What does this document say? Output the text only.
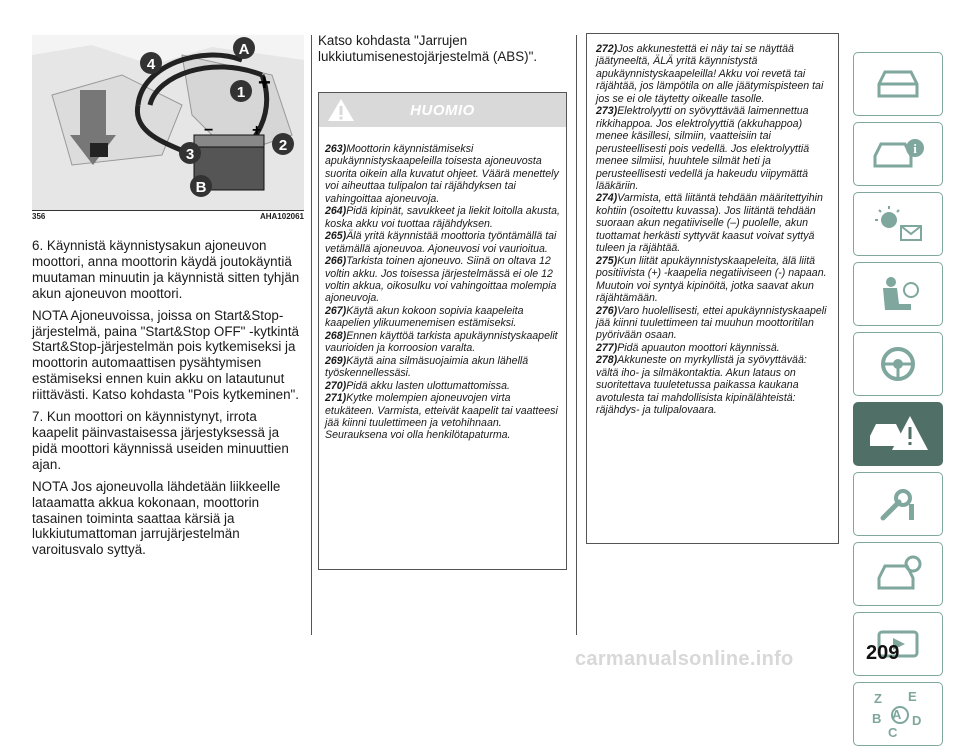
− +
+
A
4
1
2
3
B
356	AHA102061

6. Käynnistä käynnistysakun ajoneuvon moottori, anna moottorin käydä joutokäyntiä muutaman minuutin ja käynnistä sitten tyhjän akun ajoneuvon moottori.

NOTA Ajoneuvoissa, joissa on Start&Stop-järjestelmä, paina "Start&Stop OFF" -kytkintä Start&Stop-järjestelmän pois kytkemiseksi ja moottorin automaattisen pysähtymisen estämiseksi ennen kuin akku on latautunut riittävästi. Katso kohdasta "Pois kytkeminen".

7. Kun moottori on käynnistynyt, irrota kaapelit päinvastaisessa järjestyksessä ja pidä moottori käynnissä useiden minuuttien ajan.

NOTA Jos ajoneuvolla lähdetään liikkeelle lataamatta akkua kokonaan, moottorin tasainen toiminta saattaa kärsiä ja lukkiutumattoman jarrujärjestelmän varoitusvalo syttyä.

Katso kohdasta "Jarrujen lukkiutumisenestojärjestelmä (ABS)".
HUOMIO

263)Moottorin käynnistämiseksi apukäynnistyskaapeleilla toisesta ajoneuvosta suorita oikein alla kuvatut ohjeet. Väärä menettely voi aiheuttaa tulipalon tai räjähdyksen tai vahingoittaa ajoneuvoja.

264)Pidä kipinät, savukkeet ja liekit loitolla akusta, koska akku voi tuottaa räjähdyksen.

265)Älä yritä käynnistää moottoria työntämällä tai vetämällä ajoneuvoa. Ajoneuvosi voi vaurioitua.

266)Tarkista toinen ajoneuvo. Siinä on oltava 12 voltin akku. Jos toisessa järjestelmässä ei ole 12 voltin akkua, oikosulku voi vahingoittaa molempia ajoneuvoja.

267)Käytä akun kokoon sopivia kaapeleita kaapelien ylikuumenemisen estämiseksi.

268)Ennen käyttöä tarkista apukäynnistyskaapelit vaurioiden ja korroosion varalta.

269)Käytä aina silmäsuojaimia akun lähellä työskennellessäsi.

270)Pidä akku lasten ulottumattomissa.

271)Kytke molempien ajoneuvojen virta etukäteen. Varmista, etteivät kaapelit tai vaatteesi jää kiinni tuulettimeen ja vetohihnaan. Seurauksena voi olla henkilötapaturma.

272)Jos akkunestettä ei näy tai se näyttää jäätyneeltä, ÄLÄ yritä käynnistystä apukäynnistyskaapeleilla! Akku voi revetä tai räjähtää, jos lämpötila on alle jäätymispisteen tai jos se ei ole täytetty oikealle tasolle.

273)Elektrolyytti on syövyttävää laimennettua rikkihappoa. Jos elektrolyyttiä (akkuhappoa) menee käsillesi, silmiin, vaatteisiin tai perusteellisesti pois vedellä. Jos elektrolyyttiä menee silmiisi, huuhtele silmät heti ja perusteellisesti vedellä ja hakeudu viipymättä lääkäriin.

274)Varmista, että liitäntä tehdään määritettyihin kohtiin (osoitettu kuvassa). Jos liitäntä tehdään suoraan akun negatiiviselle (–) puolelle, akun tuottamat herkästi syttyvät kaasut voivat syttyä tuleen ja räjähtää.

275)Kun liität apukäynnistyskaapeleita, älä liitä positiivista (+) -kaapelia negatiiviseen (-) napaan. Muutoin voi syntyä kipinöitä, jotka saavat akun räjähtämään.

276)Varo huolellisesti, ettei apukäynnistyskaapeli jää kiinni tuulettimeen tai muuhun moottoritilan pyörivään osaan.

277)Pidä apuauton moottori käynnissä.

278)Akkuneste on myrkyllistä ja syövyttävää: vältä iho- ja silmäkontaktia. Akun lataus on suoritettava tuuletetussa paikassa kaukana avotulesta tai mahdollisista kipinälähteistä: räjähdys- ja tulipalovaara.

i
Z E
B A D
C
209
carmanualsonline.info
